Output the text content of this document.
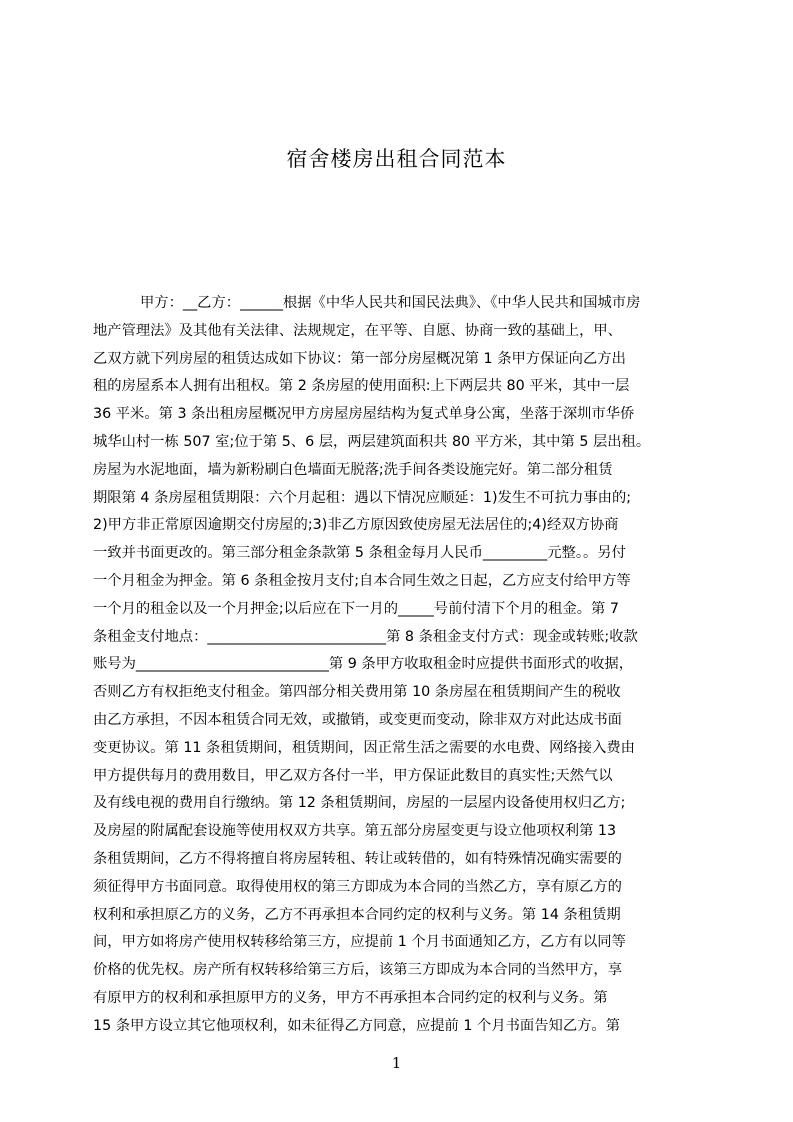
宿舍楼房出租合同范本
甲方：__乙方：______根据《中华人民共和国民法典》、《中华人民共和国城市房
地产管理法》及其他有关法律、法规规定，在平等、自愿、协商一致的基础上，甲、
乙双方就下列房屋的租赁达成如下协议：第一部分房屋概况第 1 条甲方保证向乙方出
租的房屋系本人拥有出租权。第 2 条房屋的使用面积:上下两层共 80 平米，其中一层
36 平米。第 3 条出租房屋概况甲方房屋房屋结构为复式单身公寓，坐落于深圳市华侨
城华山村一栋 507 室;位于第 5、6 层，两层建筑面积共 80 平方米，其中第 5 层出租。
房屋为水泥地面，墙为新粉刷白色墙面无脱落;洗手间各类设施完好。第二部分租赁
期限第 4 条房屋租赁期限：六个月起租：遇以下情况应顺延：1)发生不可抗力事由的;
2)甲方非正常原因逾期交付房屋的;3)非乙方原因致使房屋无法居住的;4)经双方协商
一致并书面更改的。第三部分租金条款第 5 条租金每月人民币_________元整。。另付
一个月租金为押金。第 6 条租金按月支付;自本合同生效之日起，乙方应支付给甲方等
一个月的租金以及一个月押金;以后应在下一月的_____号前付清下个月的租金。第 7
条租金支付地点：_________________________第 8 条租金支付方式：现金或转账;收款
账号为___________________________第 9 条甲方收取租金时应提供书面形式的收据，
否则乙方有权拒绝支付租金。第四部分相关费用第 10 条房屋在租赁期间产生的税收
由乙方承担，不因本租赁合同无效，或撤销，或变更而变动，除非双方对此达成书面
变更协议。第 11 条租赁期间，租赁期间，因正常生活之需要的水电费、网络接入费由
甲方提供每月的费用数目，甲乙双方各付一半，甲方保证此数目的真实性;天然气以
及有线电视的费用自行缴纳。第 12 条租赁期间，房屋的一层屋内设备使用权归乙方;
及房屋的附属配套设施等使用权双方共享。第五部分房屋变更与设立他项权利第 13
条租赁期间，乙方不得将擅自将房屋转租、转让或转借的，如有特殊情况确实需要的
须征得甲方书面同意。取得使用权的第三方即成为本合同的当然乙方，享有原乙方的
权利和承担原乙方的义务，乙方不再承担本合同约定的权利与义务。第 14 条租赁期
间，甲方如将房产使用权转移给第三方，应提前 1 个月书面通知乙方，乙方有以同等
价格的优先权。房产所有权转移给第三方后，该第三方即成为本合同的当然甲方，享
有原甲方的权利和承担原甲方的义务，甲方不再承担本合同约定的权利与义务。第
15 条甲方设立其它他项权利，如未征得乙方同意，应提前 1 个月书面告知乙方。第
1
